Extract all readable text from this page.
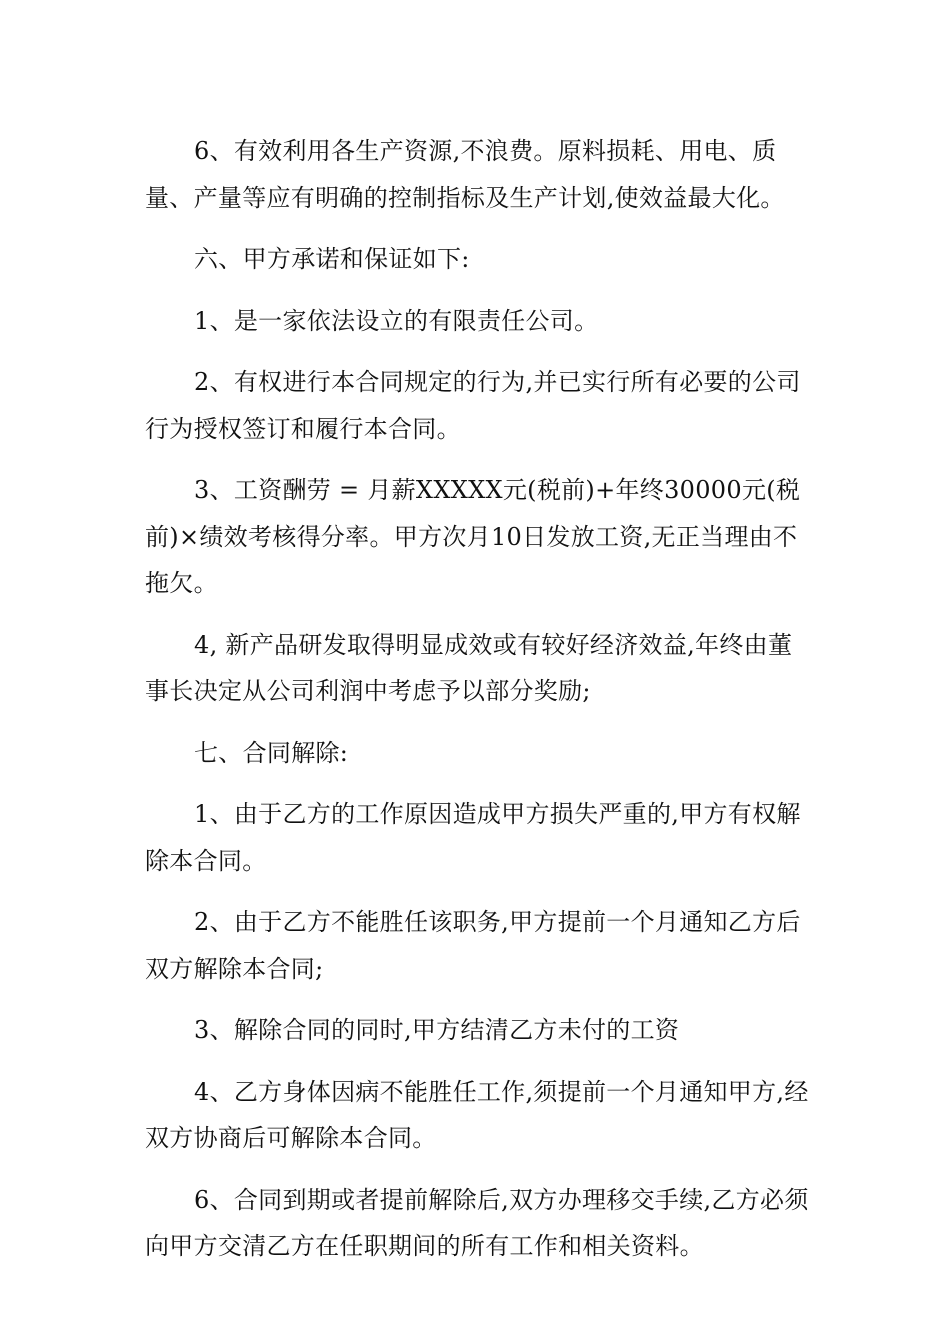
6、有效利用各生产资源,不浪费。原料损耗、用电、质量、产量等应有明确的控制指标及生产计划,使效益最大化。

六、甲方承诺和保证如下:

1、是一家依法设立的有限责任公司。

2、有权进行本合同规定的行为,并已实行所有必要的公司行为授权签订和履行本合同。

3、工资酬劳 = 月薪XXXXX元(税前)+年终30000元(税前)×绩效考核得分率。甲方次月10日发放工资,无正当理由不拖欠。

4, 新产品研发取得明显成效或有较好经济效益,年终由董事长决定从公司利润中考虑予以部分奖励;

七、合同解除:

1、由于乙方的工作原因造成甲方损失严重的,甲方有权解除本合同。

2、由于乙方不能胜任该职务,甲方提前一个月通知乙方后双方解除本合同;

3、解除合同的同时,甲方结清乙方未付的工资

4、乙方身体因病不能胜任工作,须提前一个月通知甲方,经双方协商后可解除本合同。

6、合同到期或者提前解除后,双方办理移交手续,乙方必须向甲方交清乙方在任职期间的所有工作和相关资料。
